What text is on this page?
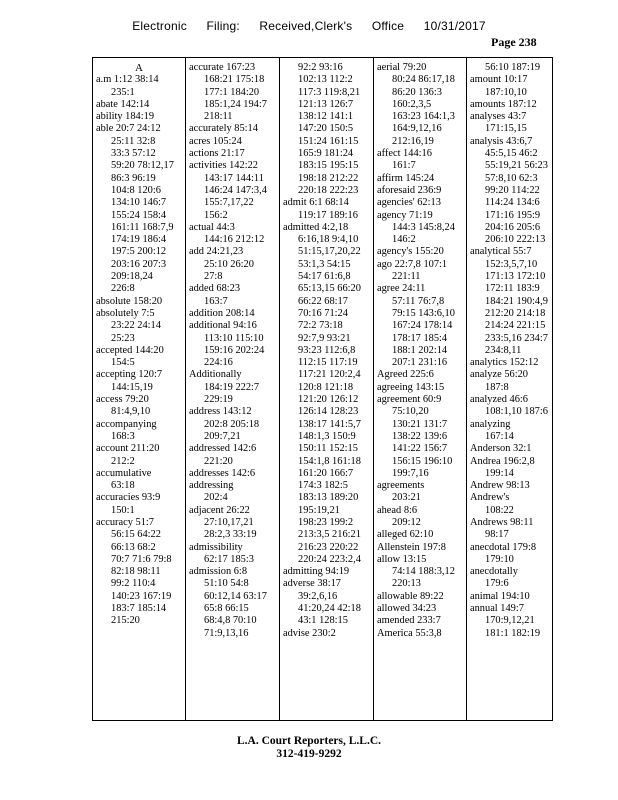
Electronic Filing: Received,Clerk's Office 10/31/2017
Page 238
A
a.m 1:12 38:14
235:1
abate 142:14
ability 184:19
able 20:7 24:12
25:11 32:8
33:3 57:12
59:20 78:12,17
86:3 96:19
104:8 120:6
134:10 146:7
155:24 158:4
161:11 168:7,9
174:19 186:4
197:5 200:12
203:16 207:3
209:18,24
226:8
absolute 158:20
absolutely 7:5
23:22 24:14
25:23
accepted 144:20
154:5
accepting 120:7
144:15,19
access 79:20
81:4,9,10
accompanying
168:3
account 211:20
212:2
accumulative
63:18
accuracies 93:9
150:1
accuracy 51:7
56:15 64:22
66:13 68:2
70:7 71:6 79:8
82:18 98:11
99:2 110:4
140:23 167:19
183:7 185:14
215:20
accurate 167:23
168:21 175:18
177:1 184:20
185:1,24 194:7
218:11
accurately 85:14
acres 105:24
actions 21:17
activities 142:22
143:17 144:11
146:24 147:3,4
155:7,17,22
156:2
actual 44:3
144:16 212:12
add 24:21,23
25:10 26:20
27:8
added 68:23
163:7
addition 208:14
additional 94:16
113:10 115:10
159:16 202:24
224:16
Additionally
184:19 222:7
229:19
address 143:12
202:8 205:18
209:7,21
addressed 142:6
221:20
addresses 142:6
addressing
202:4
adjacent 26:22
27:10,17,21
28:2,3 33:19
admissibility
62:17 185:3
admission 6:8
51:10 54:8
60:12,14 63:17
65:8 66:15
68:4,8 70:10
71:9,13,16
92:2 93:16
102:13 112:2
117:3 119:8,21
121:13 126:7
138:12 141:1
147:20 150:5
151:24 161:15
165:9 181:24
183:15 195:15
198:18 212:22
220:18 222:23
admit 6:1 68:14
119:17 189:16
admitted 4:2,18
6:16,18 9:4,10
51:15,17,20,22
53:1,3 54:15
54:17 61:6,8
65:13,15 66:20
66:22 68:17
70:16 71:24
72:2 73:18
92:7,9 93:21
93:23 112:6,8
112:15 117:19
117:21 120:2,4
120:8 121:18
121:20 126:12
126:14 128:23
138:17 141:5,7
148:1,3 150:9
150:11 152:15
154:1,8 161:18
161:20 166:7
174:3 182:5
183:13 189:20
195:19,21
198:23 199:2
213:3,5 216:21
216:23 220:22
220:24 223:2,4
admitting 94:19
adverse 38:17
39:2,6,16
41:20,24 42:18
43:1 128:15
advise 230:2
aerial 79:20
80:24 86:17,18
86:20 136:3
160:2,3,5
163:23 164:1,3
164:9,12,16
212:16,19
affect 144:16
161:7
affirm 145:24
aforesaid 236:9
agencies' 62:13
agency 71:19
144:3 145:8,24
146:2
agency's 155:20
ago 22:7,8 107:1
221:11
agree 24:11
57:11 76:7,8
79:15 143:6,10
167:24 178:14
178:17 185:4
188:1 202:14
207:1 231:16
Agreed 225:6
agreeing 143:15
agreement 60:9
75:10,20
130:21 131:7
138:22 139:6
141:22 156:7
156:15 196:10
199:7,16
agreements
203:21
ahead 8:6
209:12
alleged 62:10
Allenstein 197:8
allow 13:15
74:14 188:3,12
220:13
allowable 89:22
allowed 34:23
amended 233:7
America 55:3,8
56:10 187:19
amount 10:17
187:10,10
amounts 187:12
analyses 43:7
171:15,15
analysis 43:6,7
45:5,15 46:2
55:19,21 56:23
57:8,10 62:3
99:20 114:22
114:24 134:6
171:16 195:9
204:16 205:6
206:10 222:13
analytical 55:7
152:3,5,7,10
171:13 172:10
172:11 183:9
184:21 190:4,9
212:20 214:18
214:24 221:15
233:5,16 234:7
234:8,11
analytics 152:12
analyze 56:20
187:8
analyzed 46:6
108:1,10 187:6
analyzing
167:14
Anderson 32:1
Andrea 196:2,8
199:14
Andrew 98:13
Andrew's
108:22
Andrews 98:11
98:17
anecdotal 179:8
179:10
anecdotally
179:6
animal 194:10
annual 149:7
170:9,12,21
181:1 182:19
L.A. Court Reporters, L.L.C.
312-419-9292
